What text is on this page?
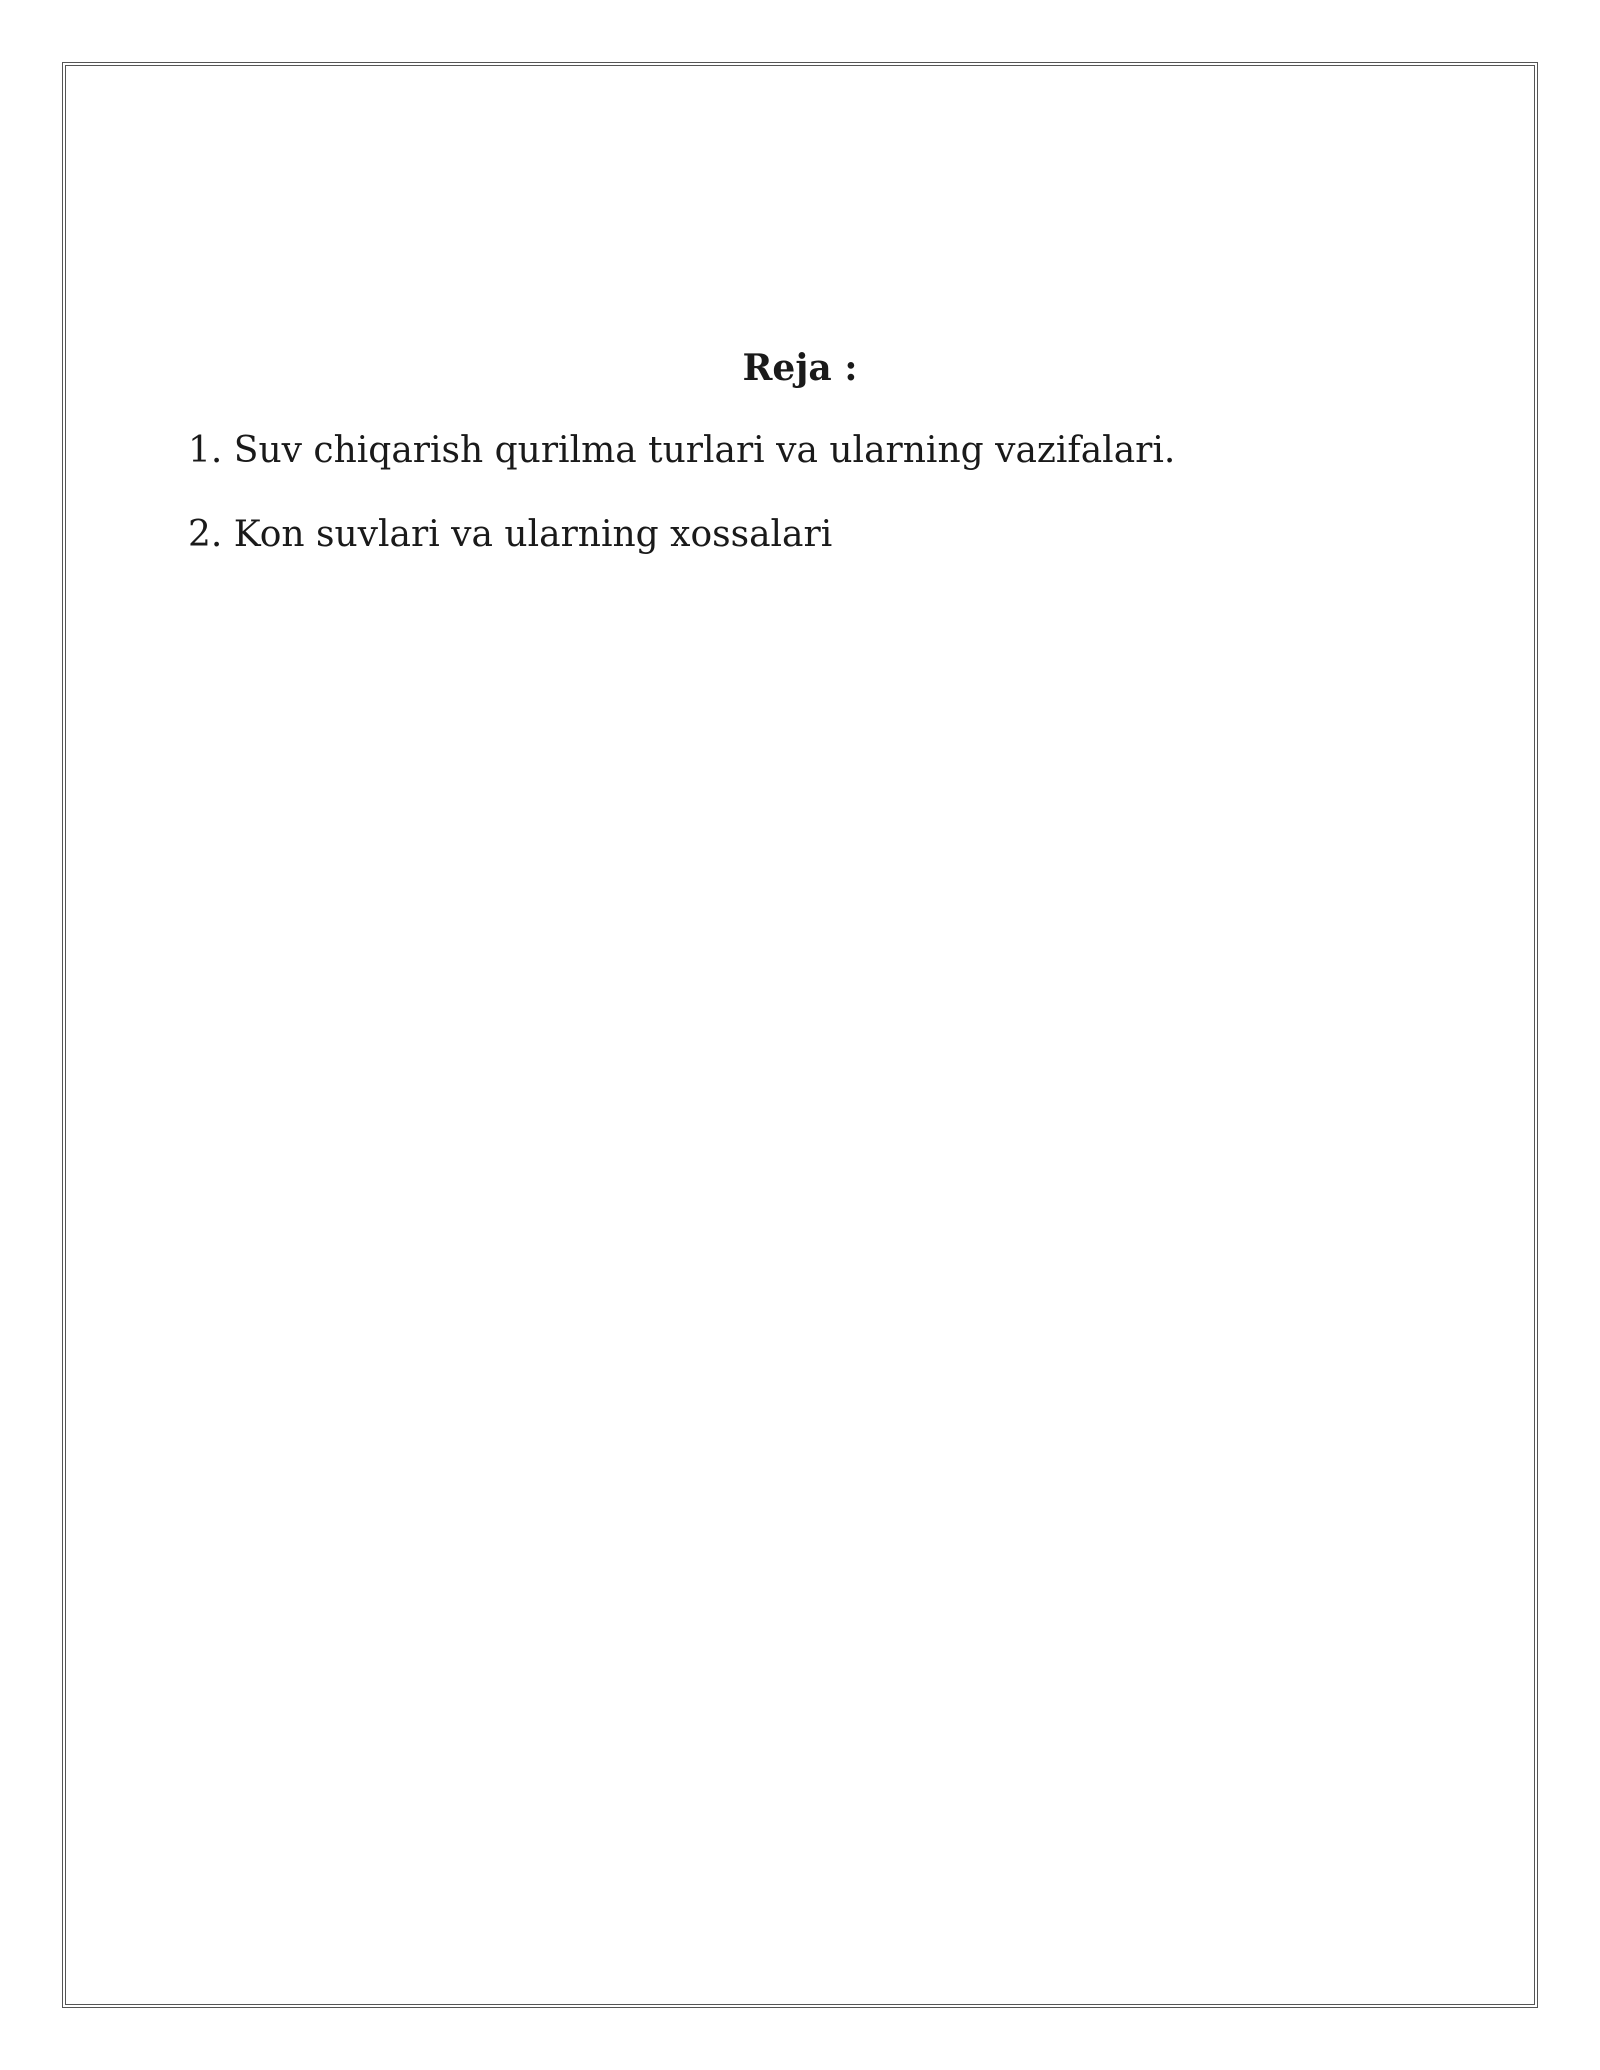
Reja :
1. Suv chiqarish qurilma turlari va ularning vazifalari.
2. Kon suvlari va ularning xossalari
